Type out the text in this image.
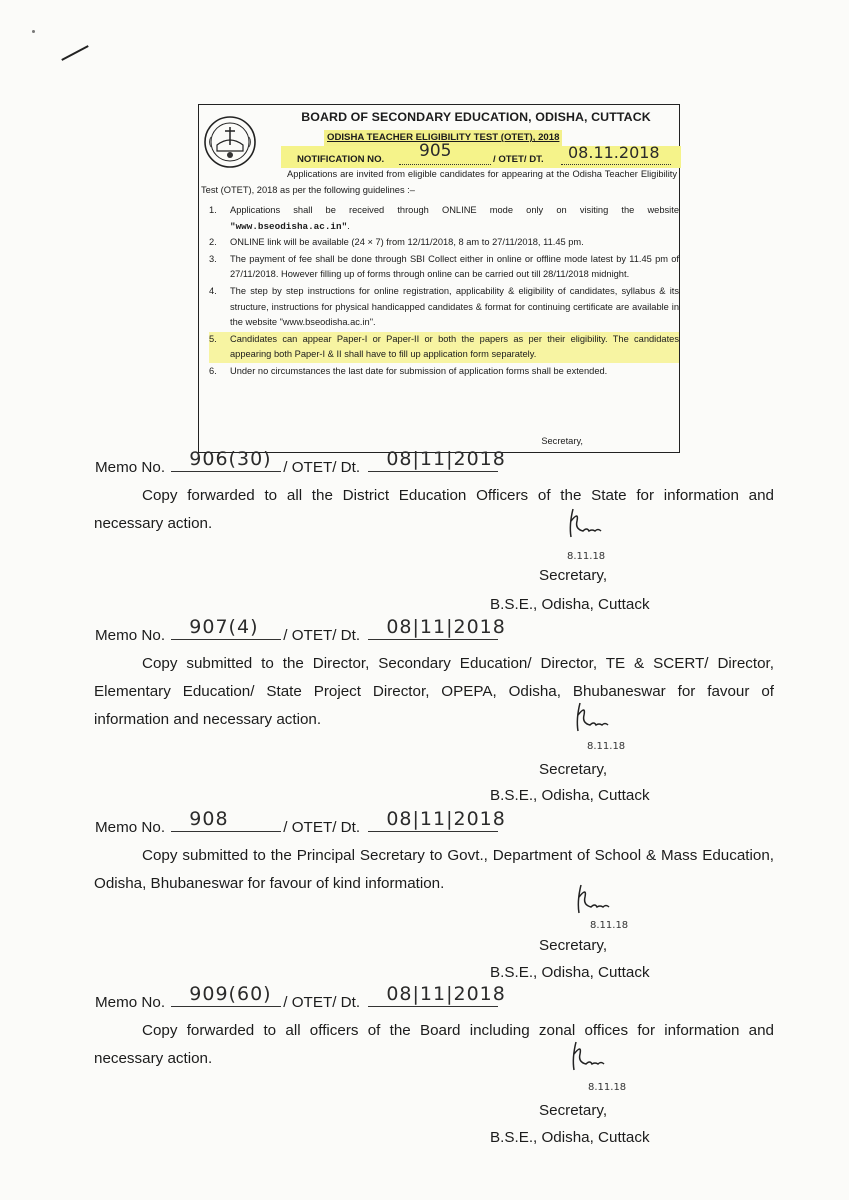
BOARD OF SECONDARY EDUCATION, ODISHA, CUTTACK
ODISHA TEACHER ELIGIBILITY TEST (OTET), 2018
NOTIFICATION NO. 905	/ OTET/ DT. 08.11.2018
Applications are invited from eligible candidates for appearing at the Odisha Teacher Eligibility Test (OTET), 2018 as per the following guidelines :–
1. Applications shall be received through ONLINE mode only on visiting the website "www.bseodisha.ac.in".
2. ONLINE link will be available (24 × 7) from 12/11/2018, 8 am to 27/11/2018, 11.45 pm.
3. The payment of fee shall be done through SBI Collect either in online or offline mode latest by 11.45 pm of 27/11/2018. However filling up of forms through online can be carried out till 28/11/2018 midnight.
4. The step by step instructions for online registration, applicability & eligibility of candidates, syllabus & its structure, instructions for physical handicapped candidates & format for continuing certificate are available in the website "www.bseodisha.ac.in".
5. Candidates can appear Paper-I or Paper-II or both the papers as per their eligibility. The candidates appearing both Paper-I & II shall have to fill up application form separately.
6. Under no circumstances the last date for submission of application forms shall be extended.
Secretary,
Memo No. 906(30) / OTET/ Dt. 08|11|2018
Copy forwarded to all the District Education Officers of the State for information and necessary action.
8.11.18
Secretary,
B.S.E., Odisha, Cuttack
Memo No. 907(4) / OTET/ Dt. 08|11|2018
Copy submitted to the Director, Secondary Education/ Director, TE & SCERT/ Director, Elementary Education/ State Project Director, OPEPA, Odisha, Bhubaneswar for favour of information and necessary action.
8.11.18
Secretary,
B.S.E., Odisha, Cuttack
Memo No. 908	/ OTET/ Dt. 08|11|2018
Copy submitted to the Principal Secretary to Govt., Department of School & Mass Education, Odisha, Bhubaneswar for favour of kind information.
8.11.18
Secretary,
B.S.E., Odisha, Cuttack
Memo No. 909(60) / OTET/ Dt. 08|11|2018
Copy forwarded to all officers of the Board including zonal offices for information and necessary action.
8.11.18
Secretary,
B.S.E., Odisha, Cuttack
